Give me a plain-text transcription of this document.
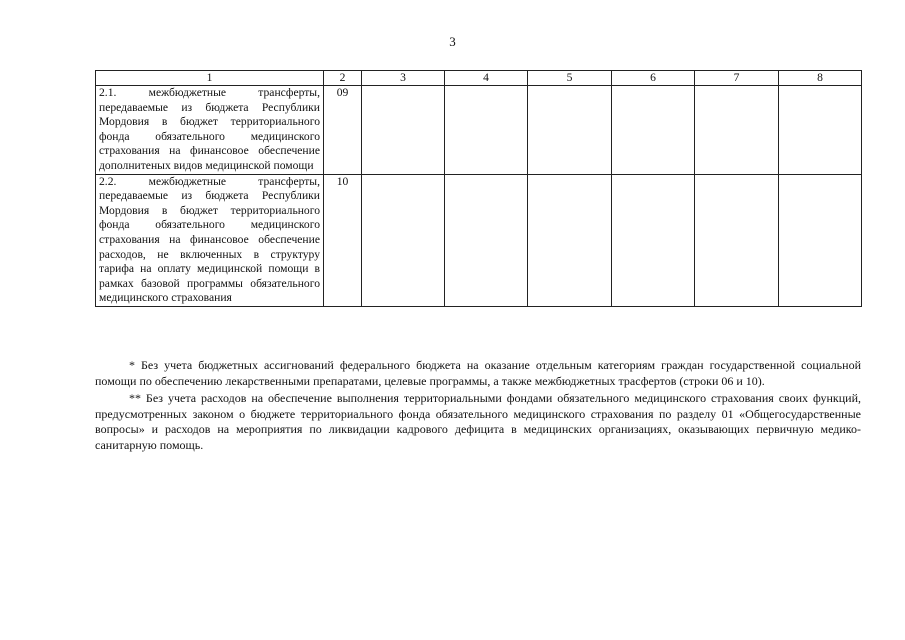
3
1	2	3	4	5	6	7	8
2.1. межбюджетные трансферты, передаваемые из бюджета Республики Мордовия в бюджет территориального фонда обязательного медицинского страхования на финансовое обеспечение дополнитеных видов медицинской помощи	09						
2.2. межбюджетные трансферты, передаваемые из бюджета Республики Мордовия в бюджет территориального фонда обязательного медицинского страхования на финансовое обеспечение расходов, не включенных в структуру тарифа на оплату медицинской помощи в рамках базовой программы обязательного медицинского страхования	10						

* Без учета бюджетных ассигнований федерального бюджета на оказание отдельным категориям граждан государственной социальной помощи по обеспечению лекарственными препаратами, целевые программы, а также межбюджетных трасфертов (строки 06 и 10).

** Без учета расходов на обеспечение выполнения территориальными фондами обязательного медицинского страхования своих функций, предусмотренных законом о бюджете территориального фонда обязательного медицинского страхования по разделу 01 «Общегосударственные вопросы» и расходов на мероприятия по ликвидации кадрового дефицита в медицинских организациях, оказывающих первичную медико-санитарную помощь.
